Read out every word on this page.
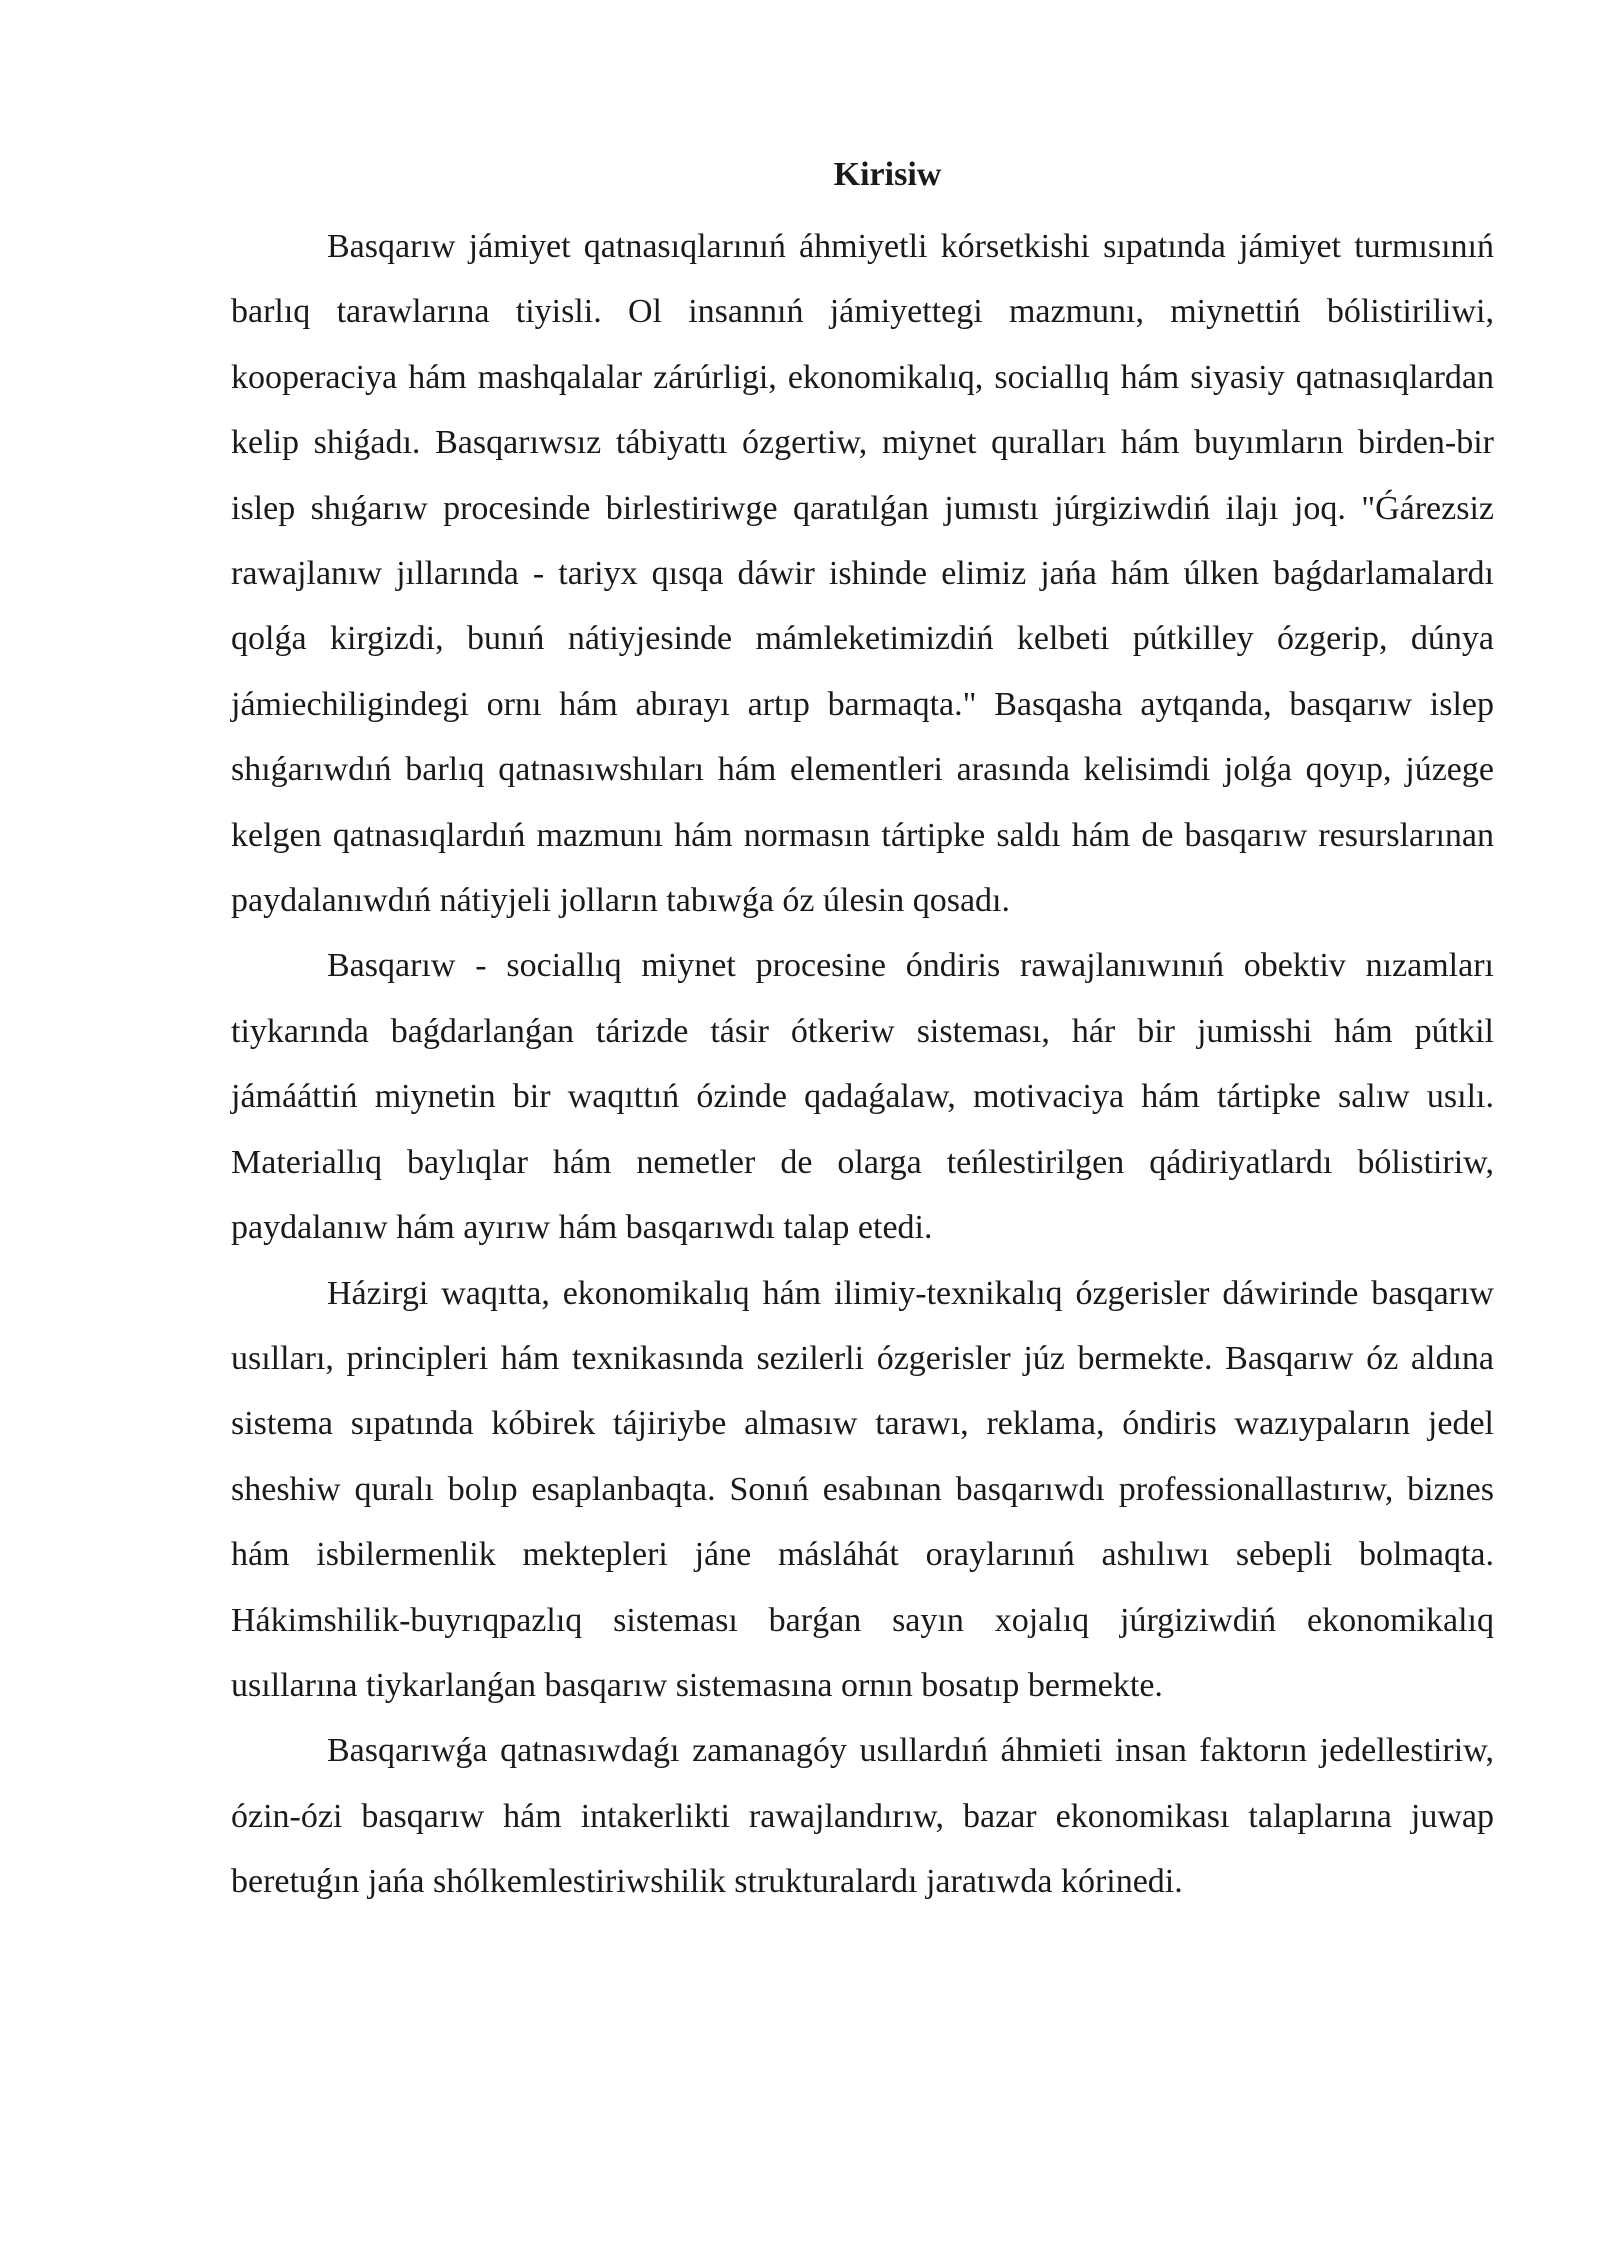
Kirisiw

Basqarıw jámiyet qatnasıqlarınıń áhmiyetli kórsetkishi sıpatında jámiyet turmısınıń barlıq tarawlarına tiyisli. Ol insannıń jámiyettegi mazmunı, miynettiń bólistiriliwi, kooperaciya hám mashqalalar zárúrligi, ekonomikalıq, sociallıq hám siyasiy qatnasıqlardan kelip shiǵadı. Basqarıwsız tábiyattı ózgertiw, miynet quralları hám buyımların birden-bir islep shıǵarıw procesinde birlestiriwge qaratılǵan jumıstı júrgiziwdiń ilajı joq. "Ǵárezsiz rawajlanıw jıllarında - tariyx qısqa dáwir ishinde elimiz jańa hám úlken baǵdarlamalardı qolǵa kirgizdi, bunıń nátiyjesinde mámleketimizdiń kelbeti pútkilley ózgerip, dúnya jámiechiligindegi ornı hám abırayı artıp barmaqta." Basqasha aytqanda, basqarıw islep shıǵarıwdıń barlıq qatnasıwshıları hám elementleri arasında kelisimdi jolǵa qoyıp, júzege kelgen qatnasıqlardıń mazmunı hám normasın tártipke saldı hám de basqarıw resurslarınan paydalanıwdıń nátiyjeli jolların tabıwǵa óz úlesin qosadı.

Basqarıw - sociallıq miynet procesine óndiris rawajlanıwınıń obektiv nızamları tiykarında baǵdarlanǵan tárizde tásir ótkeriw sisteması, hár bir jumisshi hám pútkil jámááttiń miynetin bir waqıttıń ózinde qadaǵalaw, motivaciya hám tártipke salıw usılı. Materiallıq baylıqlar hám nemetler de olarga teńlestirilgen qádiriyatlardı bólistiriw, paydalanıw hám ayırıw hám basqarıwdı talap etedi.

Házirgi waqıtta, ekonomikalıq hám ilimiy-texnikalıq ózgerisler dáwirinde basqarıw usılları, principleri hám texnikasında sezilerli ózgerisler júz bermekte. Basqarıw óz aldına sistema sıpatında kóbirek tájiriybe almasıw tarawı, reklama, óndiris wazıypaların jedel sheshiw quralı bolıp esaplanbaqta. Sonıń esabınan basqarıwdı professionallastırıw, biznes hám isbilermenlik mektepleri jáne másláhát oraylarınıń ashılıwı sebepli bolmaqta. Hákimshilik-buyrıqpazlıq sisteması barǵan sayın xojalıq júrgiziwdiń ekonomikalıq usıllarına tiykarlanǵan basqarıw sistemasına ornın bosatıp bermekte.

Basqarıwǵa qatnasıwdaǵı zamanagóy usıllardıń áhmieti insan faktorın jedellestiriw, ózin-ózi basqarıw hám intakerlikti rawajlandırıw, bazar ekonomikası talaplarına juwap beretuǵın jańa shólkemlestiriwshilik strukturalardı jaratıwda kórinedi.
